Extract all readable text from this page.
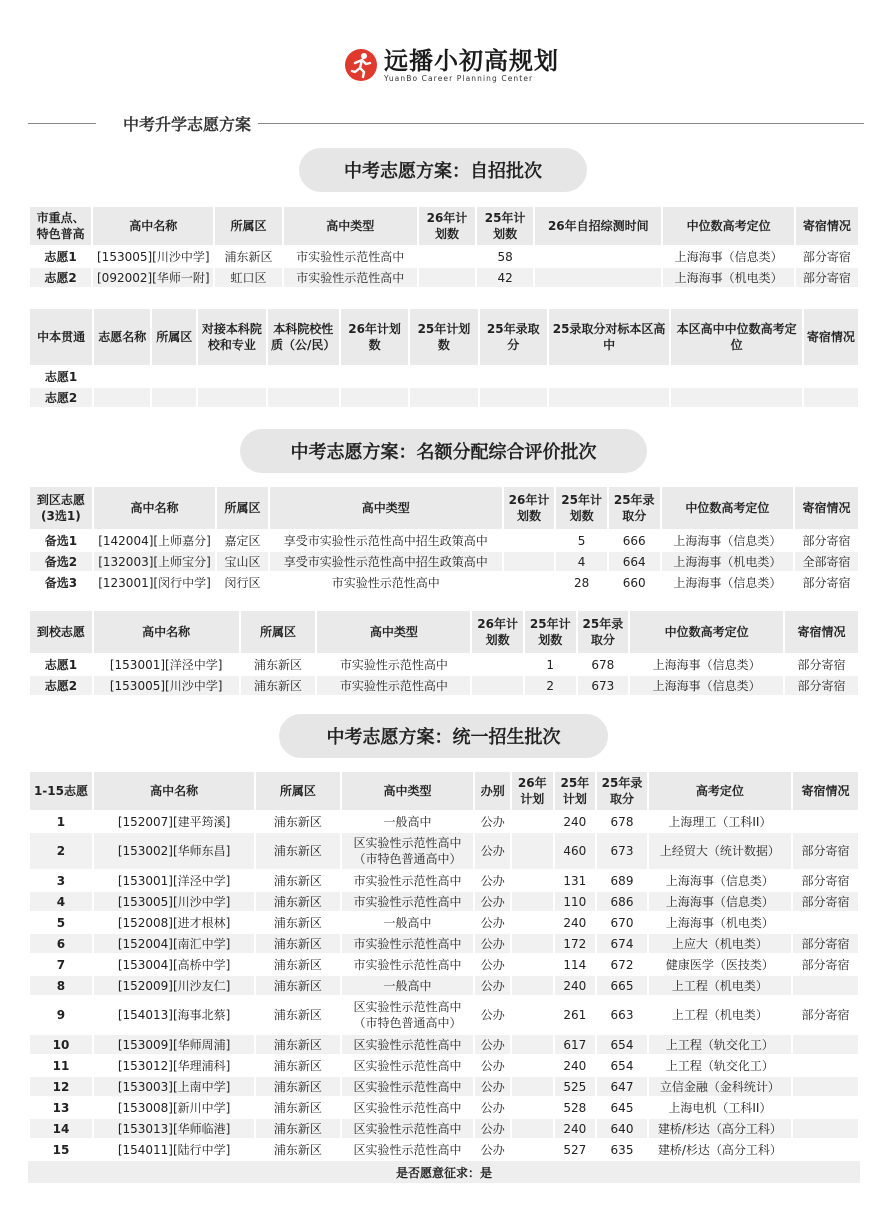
远播小初高规划
YuanBo Career Planning Center
中考升学志愿方案
中考志愿方案：自招批次
市重点、特色普高	高中名称	所属区	高中类型	26年计划数	25年计划数	26年自招综测时间	中位数高考定位	寄宿情况
志愿1	[153005][川沙中学]	浦东新区	市实验性示范性高中		58		上海海事（信息类）	部分寄宿
志愿2	[092002][华师一附]	虹口区	市实验性示范性高中		42		上海海事（机电类）	部分寄宿
中本贯通	志愿名称	所属区	对接本科院校和专业	本科院校性质（公/民）	26年计划数	25年计划数	25年录取分	25录取分对标本区高中	本区高中中位数高考定位	寄宿情况
志愿1										
志愿2										
中考志愿方案：名额分配综合评价批次
到区志愿(3选1)	高中名称	所属区	高中类型	26年计划数	25年计划数	25年录取分	中位数高考定位	寄宿情况
备选1	[142004][上师嘉分]	嘉定区	享受市实验性示范性高中招生政策高中		5	666	上海海事（信息类）	部分寄宿
备选2	[132003][上师宝分]	宝山区	享受市实验性示范性高中招生政策高中		4	664	上海海事（机电类）	全部寄宿
备选3	[123001][闵行中学]	闵行区	市实验性示范性高中		28	660	上海海事（信息类）	部分寄宿
到校志愿	高中名称	所属区	高中类型	26年计划数	25年计划数	25年录取分	中位数高考定位	寄宿情况
志愿1	[153001][洋泾中学]	浦东新区	市实验性示范性高中		1	678	上海海事（信息类）	部分寄宿
志愿2	[153005][川沙中学]	浦东新区	市实验性示范性高中		2	673	上海海事（信息类）	部分寄宿
中考志愿方案：统一招生批次
1-15志愿	高中名称	所属区	高中类型	办别	26年计划	25年计划	25年录取分	高考定位	寄宿情况
1	[152007][建平筠溪]	浦东新区	一般高中	公办		240	678	上海理工（工科II）	
2	[153002][华师东昌]	浦东新区	区实验性示范性高中（市特色普通高中）	公办		460	673	上经贸大（统计数据）	部分寄宿
3	[153001][洋泾中学]	浦东新区	市实验性示范性高中	公办		131	689	上海海事（信息类）	部分寄宿
4	[153005][川沙中学]	浦东新区	市实验性示范性高中	公办		110	686	上海海事（信息类）	部分寄宿
5	[152008][进才根林]	浦东新区	一般高中	公办		240	670	上海海事（机电类）	
6	[152004][南汇中学]	浦东新区	市实验性示范性高中	公办		172	674	上应大（机电类）	部分寄宿
7	[153004][高桥中学]	浦东新区	市实验性示范性高中	公办		114	672	健康医学（医技类）	部分寄宿
8	[152009][川沙友仁]	浦东新区	一般高中	公办		240	665	上工程（机电类）	
9	[154013][海事北蔡]	浦东新区	区实验性示范性高中（市特色普通高中）	公办		261	663	上工程（机电类）	部分寄宿
10	[153009][华师周浦]	浦东新区	区实验性示范性高中	公办		617	654	上工程（轨交化工）	
11	[153012][华理浦科]	浦东新区	区实验性示范性高中	公办		240	654	上工程（轨交化工）	
12	[153003][上南中学]	浦东新区	区实验性示范性高中	公办		525	647	立信金融（金科统计）	
13	[153008][新川中学]	浦东新区	区实验性示范性高中	公办		528	645	上海电机（工科II）	
14	[153013][华师临港]	浦东新区	区实验性示范性高中	公办		240	640	建桥/杉达（高分工科）	
15	[154011][陆行中学]	浦东新区	区实验性示范性高中	公办		527	635	建桥/杉达（高分工科）	
是否愿意征求：是
